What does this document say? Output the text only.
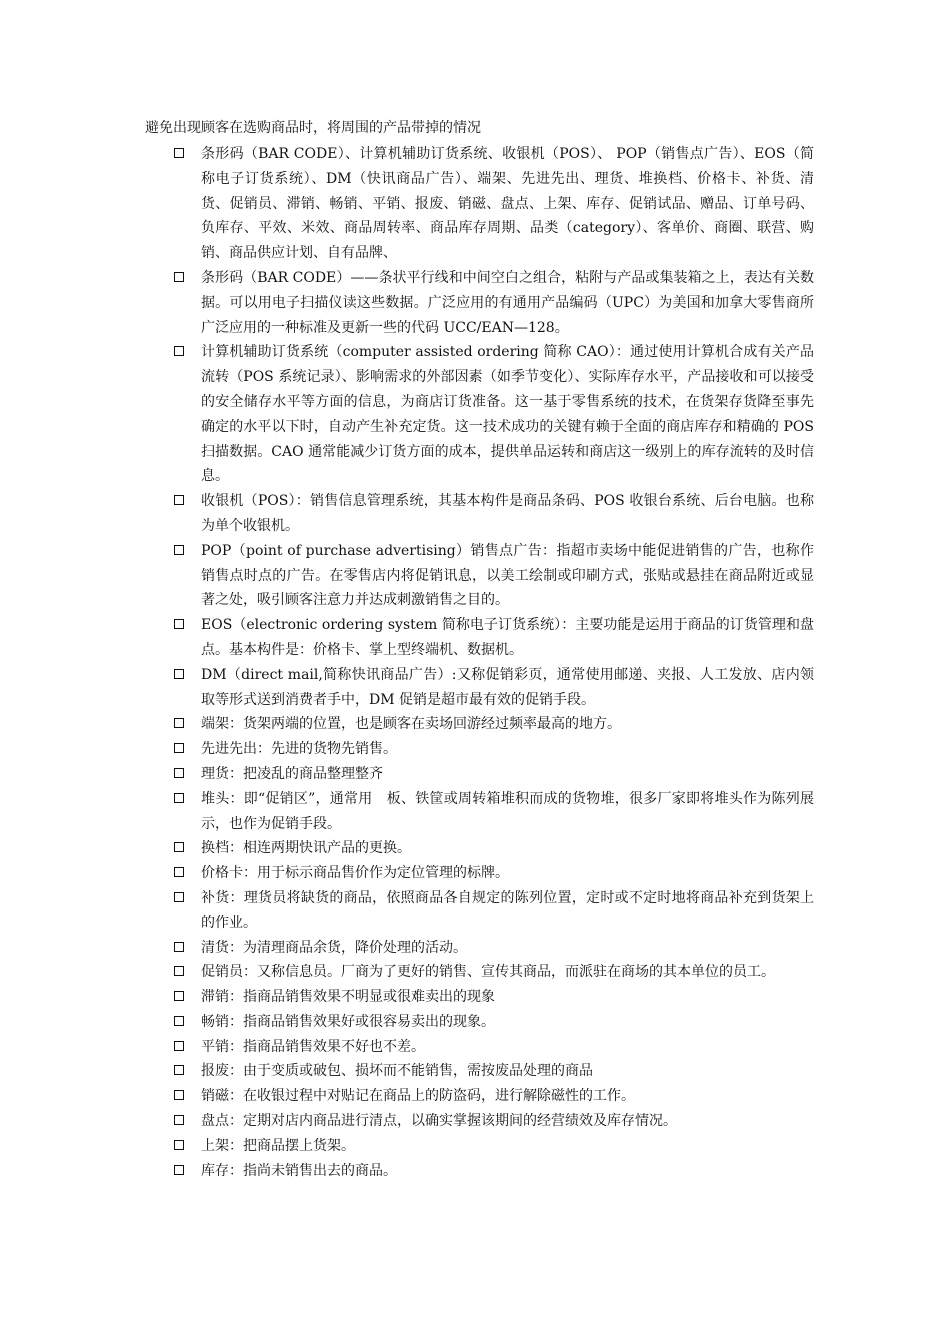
避免出现顾客在选购商品时，将周围的产品带掉的情况
条形码（BAR CODE）、计算机辅助订货系统、收银机（POS）、 POP（销售点广告）、EOS（简称电子订货系统）、DM（快讯商品广告）、端架、先进先出、理货、堆换档、价格卡、补货、清货、促销员、滞销、畅销、平销、报废、销磁、盘点、上架、库存、促销试品、赠品、订单号码、负库存、平效、米效、商品周转率、商品库存周期、品类（category）、客单价、商圈、联营、购销、商品供应计划、自有品牌、
条形码（BAR CODE）——条状平行线和中间空白之组合，粘附与产品或集装箱之上，表达有关数据。可以用电子扫描仪读这些数据。广泛应用的有通用产品编码（UPC）为美国和加拿大零售商所广泛应用的一种标准及更新一些的代码 UCC/EAN—128。
计算机辅助订货系统（computer assisted ordering 简称 CAO）：通过使用计算机合成有关产品流转（POS 系统记录）、影响需求的外部因素（如季节变化）、实际库存水平，产品接收和可以接受的安全储存水平等方面的信息，为商店订货准备。这一基于零售系统的技术，在货架存货降至事先确定的水平以下时，自动产生补充定货。这一技术成功的关键有赖于全面的商店库存和精确的 POS 扫描数据。CAO 通常能减少订货方面的成本，提供单品运转和商店这一级别上的库存流转的及时信息。
收银机（POS）：销售信息管理系统，其基本构件是商品条码、POS 收银台系统、后台电脑。也称为单个收银机。
POP（point of purchase advertising）销售点广告：指超市卖场中能促进销售的广告，也称作销售点时点的广告。在零售店内将促销讯息，以美工绘制或印刷方式，张贴或悬挂在商品附近或显著之处，吸引顾客注意力并达成刺激销售之目的。
EOS（electronic ordering system 简称电子订货系统）：主要功能是运用于商品的订货管理和盘点。基本构件是：价格卡、掌上型终端机、数据机。
DM（direct mail,简称快讯商品广告）:又称促销彩页，通常使用邮递、夹报、人工发放、店内领取等形式送到消费者手中，DM 促销是超市最有效的促销手段。
端架：货架两端的位置，也是顾客在卖场回游经过频率最高的地方。
先进先出：先进的货物先销售。
理货：把凌乱的商品整理整齐
堆头：即“促销区”，通常用　板、铁筐或周转箱堆积而成的货物堆，很多厂家即将堆头作为陈列展示，也作为促销手段。
换档：相连两期快讯产品的更换。
价格卡：用于标示商品售价作为定位管理的标牌。
补货：理货员将缺货的商品，依照商品各自规定的陈列位置，定时或不定时地将商品补充到货架上的作业。
清货：为清理商品余货，降价处理的活动。
促销员：又称信息员。厂商为了更好的销售、宣传其商品，而派驻在商场的其本单位的员工。
滞销：指商品销售效果不明显或很难卖出的现象
畅销：指商品销售效果好或很容易卖出的现象。
平销：指商品销售效果不好也不差。
报废：由于变质或破包、损坏而不能销售，需按废品处理的商品
销磁：在收银过程中对贴记在商品上的防盗码，进行解除磁性的工作。
盘点：定期对店内商品进行清点，以确实掌握该期间的经营绩效及库存情况。
上架：把商品摆上货架。
库存：指尚未销售出去的商品。
